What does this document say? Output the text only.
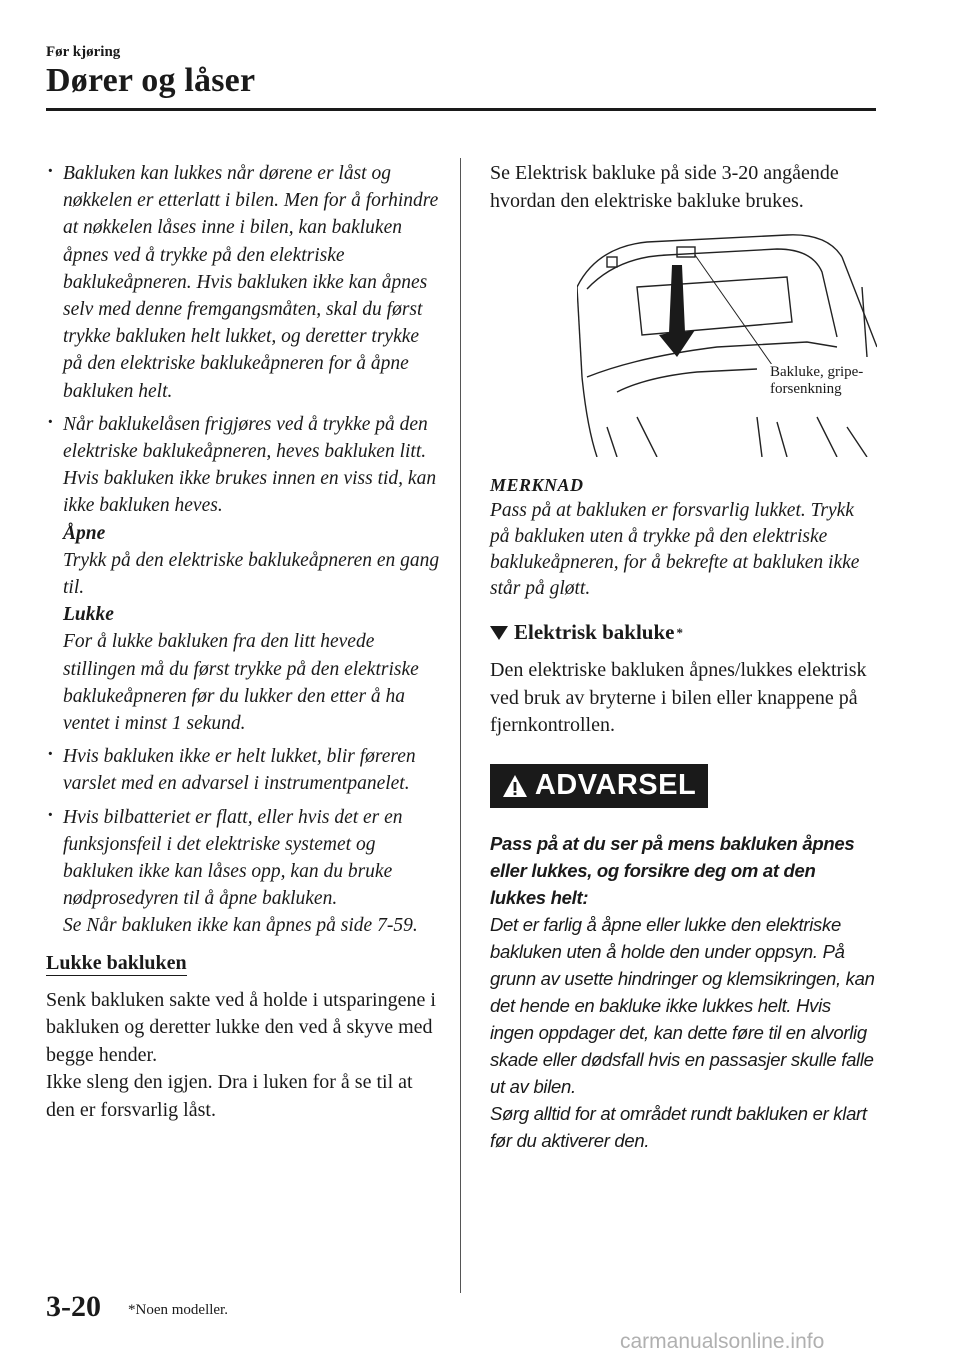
Før kjøring
Dører og låser
· Bakluken kan lukkes når dørene er låst og nøkkelen er etterlatt i bilen. Men for å forhindre at nøkkelen låses inne i bilen, kan bakluken åpnes ved å trykke på den elektriske baklukeåpneren. Hvis bakluken ikke kan åpnes selv med denne fremgangsmåten, skal du først trykke bakluken helt lukket, og deretter trykke på den elektriske baklukeåpneren for å åpne bakluken helt.

· Når baklukelåsen frigjøres ved å trykke på den elektriske baklukeåpneren, heves bakluken litt. Hvis bakluken ikke brukes innen en viss tid, kan ikke bakluken heves.

Åpne

Trykk på den elektriske baklukeåpneren en gang til.

Lukke

For å lukke bakluken fra den litt hevede stillingen må du først trykke på den elektriske baklukeåpneren før du lukker den etter å ha ventet i minst 1 sekund.

· Hvis bakluken ikke er helt lukket, blir føreren varslet med en advarsel i instrumentpanelet.

· Hvis bilbatteriet er flatt, eller hvis det er en funksjonsfeil i det elektriske systemet og bakluken ikke kan låses opp, kan du bruke nødprosedyren til å åpne bakluken.

Se Når bakluken ikke kan åpnes på side 7-59.

Lukke bakluken

Senk bakluken sakte ved å holde i utsparingene i bakluken og deretter lukke den ved å skyve med begge hender.

Ikke sleng den igjen. Dra i luken for å se til at den er forsvarlig låst.

Se Elektrisk bakluke på side 3-20 angående hvordan den elektriske bakluke brukes.

Bakluke, gripe-
forsenkning
MERKNAD

Pass på at bakluken er forsvarlig lukket. Trykk på bakluken uten å trykke på den elektriske baklukeåpneren, for å bekrefte at bakluken ikke står på gløtt.

Elektrisk bakluke *

Den elektriske bakluken åpnes/lukkes elektrisk ved bruk av bryterne i bilen eller knappene på fjernkontrollen.

ADVARSEL
Pass på at du ser på mens bakluken åpnes eller lukkes, og forsikre deg om at den lukkes helt:

Det er farlig å åpne eller lukke den elektriske bakluken uten å holde den under oppsyn. På grunn av usette hindringer og klemsikringen, kan det hende en bakluke ikke lukkes helt. Hvis ingen oppdager det, kan dette føre til en alvorlig skade eller dødsfall hvis en passasjer skulle falle ut av bilen.

Sørg alltid for at området rundt bakluken er klart før du aktiverer den.

3-20 *Noen modeller.
carmanualsonline.info
